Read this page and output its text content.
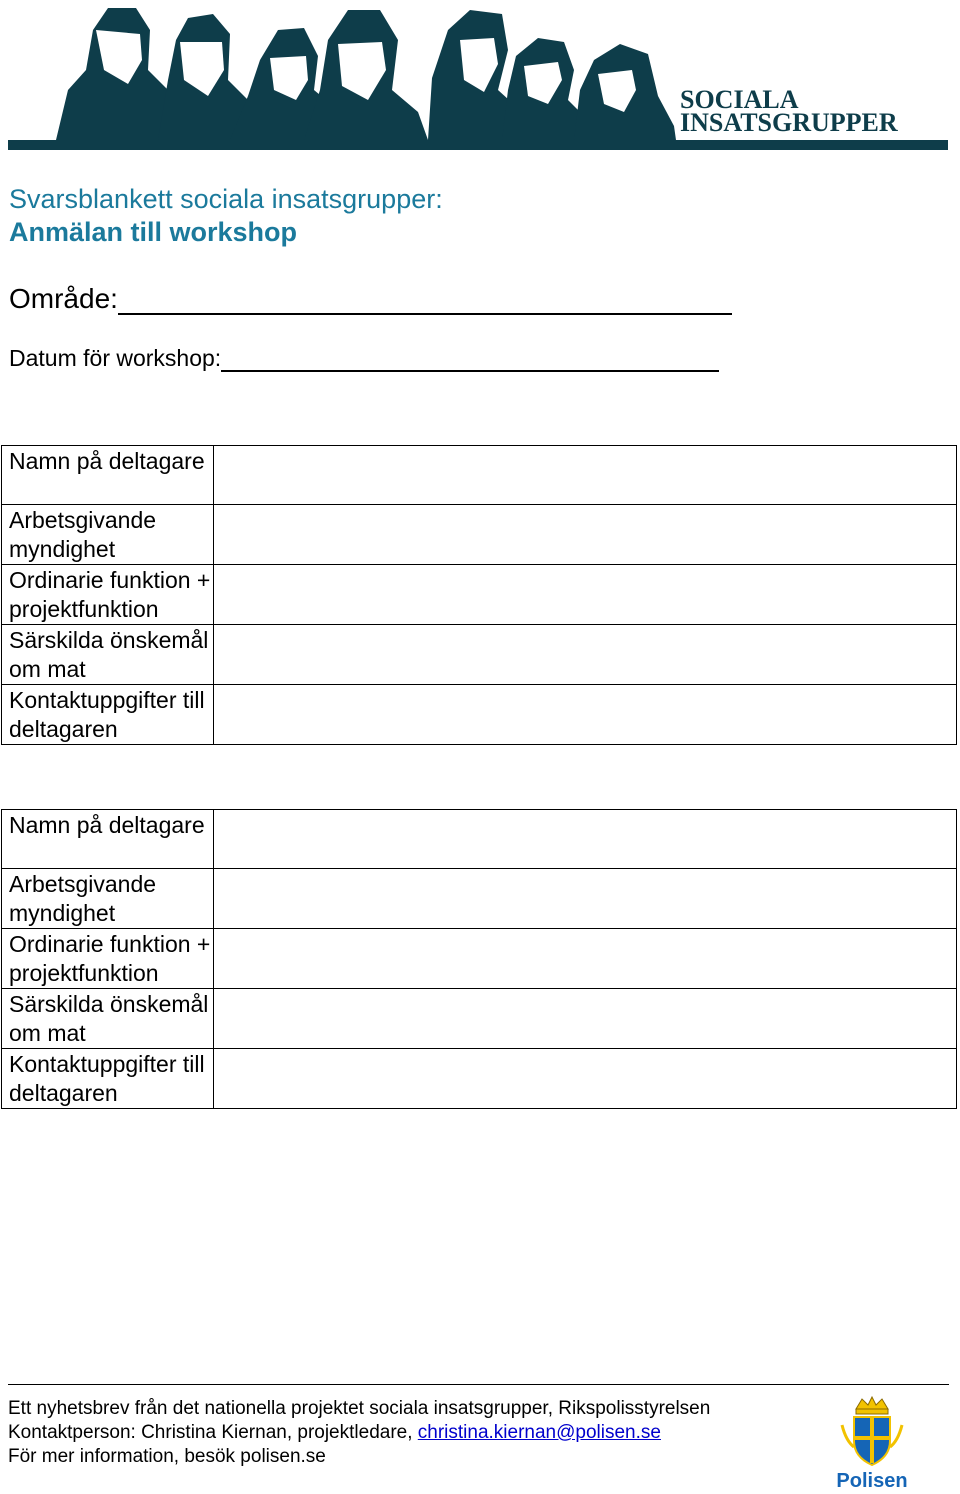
SOCIALA
INSATSGRUPPER
Svarsblankett sociala insatsgrupper:
Anmälan till workshop
Område:
Datum för workshop:
Namn på deltagare	
Arbetsgivande myndighet	
Ordinarie funktion + projektfunktion	
Särskilda önskemål om mat	
Kontaktuppgifter till deltagaren	
Namn på deltagare	
Arbetsgivande myndighet	
Ordinarie funktion + projektfunktion	
Särskilda önskemål om mat	
Kontaktuppgifter till deltagaren	
Ett nyhetsbrev från det nationella projektet sociala insatsgrupper, Rikspolisstyrelsen
Kontaktperson: Christina Kiernan, projektledare, christina.kiernan@polisen.se
För mer information, besök polisen.se
Polisen
